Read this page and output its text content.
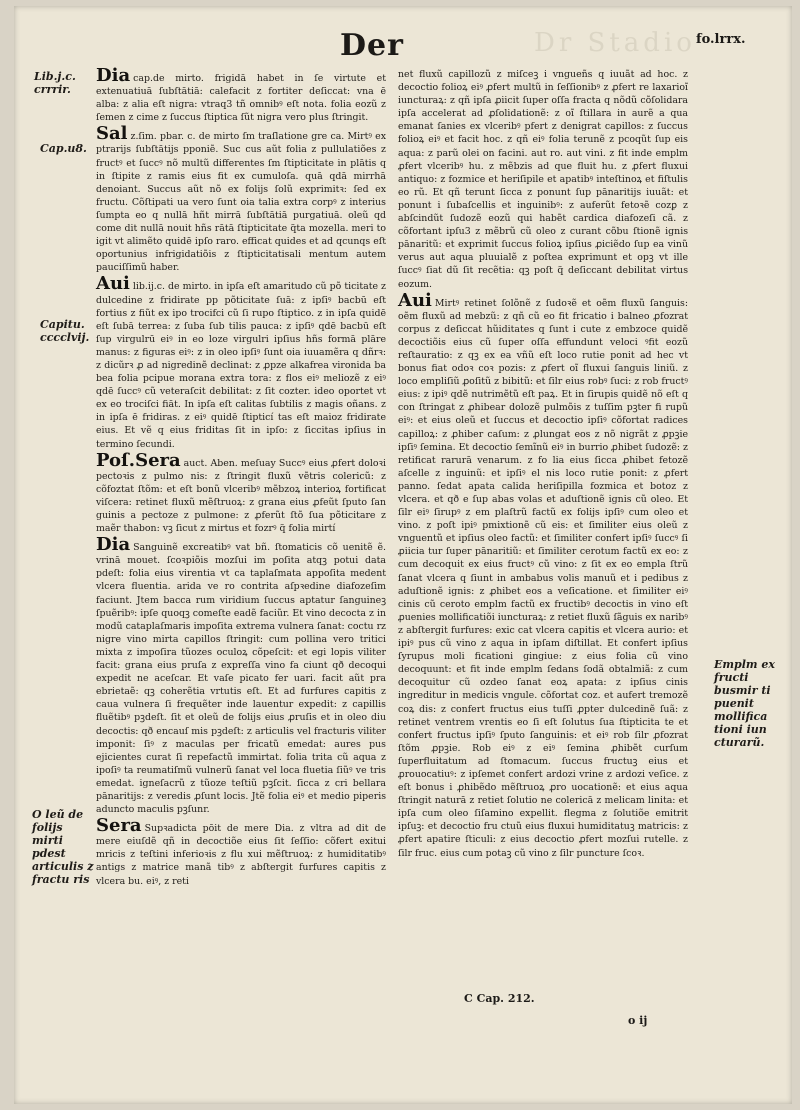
Dr Stadio
Der	fo.lrrx.
Lib.j.c. crrrir.
Cap.u8.
Capitu. cccclvij.
O leũ de folijs mirti pdest articulis z fractu ris
Emplm ex fructi busmir ti puenit mollifica tioni iun cturarũ.

Dia cap.de mirto. frigidā habet in ſe virtute et extenuatiuā ſubſtātiā: calefacit z fortiter deſiccat: vna ē alba: z alia eſt nigra: vtraq3 tñ omnibꝰ eſt nota. folia eozũ z ſemen z cime z ſuccus ſtiptica ſũt nigra vero plus ſtringit.

Sal z.ſim. pbar. c. de mirto ſm traſlatione gre ca. Mirtꝰ ex ptrarijs ſubſtātijs pponiẽ. Suc cus aũt folia z pullulatiões z fructꝰ et ſuccꝰ nõ multũ differentes ſm ſtipticitate in plātis q in ſtipite z ramis eius fit ex cumuloſa. quā qdā mirrhā denoiant. Succus aũt nõ ex folijs ſolũ exprimitꝛ: ſed ex fructu. Cõſtipati ua vero ſunt oia talia extra corpꝰ z interius ſumpta eo q nullā hñt mirrā ſubſtātiā purgatiuā. oleũ qd come dit nullā nouit hñs rātā ſtipticitate q̃ta mozella. meri to igit vt alimẽto quidē ipſo raro. efficat quides et ad qcunqs eſt oportunius infrigidatiõis z ſtipticitatisali mentum autem pauciſſimũ haber.

Aui lib.ij.c. de mirto. in ipſa eſt amaritudo cũ põ ticitate z dulcedine z fridirate pp põticitate ſuā: z ipſiꝰ bacbū eſt fortius z fiũt ex ipo trocifci cũ ſi rupo ſtiptico. z in ipſa quidē eſt ſubā terrea: z ſuba ſub tilis pauca: z ipſiꝰ qdē bacbū eſt ſup virgulrū eiꝰ in eo loze virgulri ipſius hñs formā plāre manus: z figuras eiꝰ: z in oleo ipſiꝰ ſunt oia iuuamẽra q dñrꝛ: z dicũrꝛ ꝓ ad nigredinẽ declinat: z ꝓpze alkafrea vironida ba bea folia pcipue morana extra tora: z flos eiꝰ meliozẽ z eiꝰ qdē ſuccꝰ cũ veteraſcit debilitat: z ſit cozter. ideo oportet vt ex eo trociſci fiāt. In ipſa eſt calitas ſubtilis z magis oñans. z in ipſa ē fridiras. z eiꝰ quidē ſtipticí tas eſt maioz fridirate eius. Et vẽ q eius friditas ſit in ipſo: z ſiccitas ipſius in termino ſecundi.

Poſ.Sera auct. Aben. meſuay Succꝰ eius ꝓfert doloꝛi pectoꝛis z pulmo nis: z ſtringit fluxũ vẽtris colericũ: z cõfoztat ſtõm: et eſt bonũ vlceribꝰ mẽbzoꝝ interioꝝ fortificat viſcera: retinet fluxũ mẽſtruoꝝ: z grana eius ꝓfeũt ſputo ſan guinis a pectoze z pulmone: z ꝓferũt ſtõ ſua põticitare z maẽr thabon: vꝫ ſicut z mirtus et fozrꝰ q̃ folia mirtí

Dia Sanguinẽ excreatibꝰ vat bñ. ſtomaticis cõ uenitẽ ẽ. vrinā mouet. ſcoꝛpiõis mozſui im poſita atqꝫ potui data pdeſt: folia eius virentia vt ca taplaſmata appoſita medent vlcera fluentia. arida ve ro contrita aſpꝛedine diafozeſim faciunt. Jtem bacca rum viridium ſuccus aptatur ſanguineꝫ ſpuẽribꝰ: ipſe quoqꝫ comeſte eadẽ faciũr. Et vino decocta z in modũ cataplaſmaris impoſita extrema vulnera ſanat: coctu rz nigre vino mirta capillos ſtringit: cum pollina vero tritici mixta z impoſira tũozes oculoꝝ cõpeſcit: et egi lopis viliter facit: grana eius pruſa z expreſſa vino fa ciunt qð decoqui expedit ne aceſcar. Et vaſe picato fer uari. facit aũt pra ebrietaẽ: qꝫ coherẽtia vrtutis eſt. Et ad furfures capitis z caua vulnera ſi frequẽter inde lauentur expedit: z capillis fluẽtibꝰ pꝫdeſt. ſit et oleũ de folijs eius ꝓruſis et in oleo diu decoctis: qð encauſ mis pꝫdeſt: z articulis vel fracturis viliter imponit: ſiꝰ z maculas per fricatũ emedat: aures pus ejicientes curat ſi repefactũ immirtat. folia trita cũ aqua z ipoſiꝰ ta reumatiſmũ vulnerũ ſanat vel loca fluetia ſiũꝰ ve tris emedat. igneſacrũ z tũoze teſtiũ pꝫſcit. ſicca z cri bellara pānaritijs: z veredis ꝓſunt locis. Jtẽ folia eiꝰ et medio piperis aduncto maculis pꝫſunr.

Sera Supꝛadicta pōit de mere Dia. z vltra ad dit de mere eiuſdẽ qñ in decoctiõe eius ſit ſeſſio: cõfert exitui mricis z teſtini inferioꝛis z flu xui mẽſtruoꝝ: z humiditatibꝰ antigs z matrice manã tibꝰ z abſtergit furfures capitis z vlcera bu. eiꝰ, z reti

net fluxũ capillozũ z miſceꝫ i vngueñs q iuuãt ad hoc. z decoctio folioꝝ eiꝰ ꝓfert multũ in ſeſſionibꝰ z ꝓfert re laxarioĩ iuncturaꝝ: z qñ ipſa ꝓiicit ſuper oſſa fracta q nõdũ cõſolidara ipſa accelerat ad ꝓſolidationẽ: z oĩ ſtillara in aurẽ a qua emanat ſanies ex vlceribꝰ pfert z denigrat capillos: z ſuccus folioꝝ eiꝰ et facit hoc. z qñ eiꝰ folia terunẽ z pcoqũt ſup eis aqua: z parũ olei on facini. aut ro. aut vini. z fit inde emplm ꝓfert vlceribꝰ hu. z mẽbzis ad que fluit hu. z ꝓfert fluxui antiquo: z fozmice et heriſipile et apatibꝰ inteſtinoꝝ et fiſtulis eo rũ. Et qñ terunt ſicca z ponunt ſup pānaritijs iuuãt: et ponunt i ſubaſcellis et inguinibꝰ: z auferũt fetoꝛẽ cozꝑ z abſcindũt ſudozẽ eozũ qui habẽt cardica diafozeſi cã. z cõfortant ipſu3 z mẽbrũ cũ oleo z curant cõbu ſtionẽ ignis pānaritũ: et exprimit ſuccus folioꝝ ipſius ꝓiciẽdo ſup ea vinũ verus aut aqua pluuialẽ z poſtea exprimunt et opꝫ vt ille ſuccꝰ ſiat dũ ſit recẽtia: qꝫ poſt q̃ deſiccant debilitat virtus eozum.

Aui Mirtꝰ retinet ſolõnẽ z ſudoꝛẽ et oẽm fluxũ ſanguis: oẽm fluxũ ad mebzũ: z qñ cũ eo fit fricatio i balneo ꝓfozrat corpus z deſiccat hũiditates q ſunt i cute z embzoce quidẽ decoctiõis eius cũ ſuper oſſa effundunt veloci ꝰfit eozũ reſtauratio: z qꝫ ex ea vñũ eſt loco rutie ponit ad hec vt bonus fiat odoꝛ coꝛ pozis: z ꝓfert oĩ fluxui ſanguis liniũ. z loco empliſiũ ꝓoſitũ z bibitũ: et ſilr eius robꝰ ſuci: z rob fructꝰ eius: z ipiꝰ qdẽ nutrimẽtũ eſt paꝝ. Et in ſirupis quidẽ nõ eſt q con ſtringat z ꝓhibear dolozẽ pulmõis z tuſſim pꝫter fi rupũ eiꝰ: et eius oleũ et ſuccus et decoctio ipſiꝰ cõfortat radices capilloꝝ: z ꝓhiber caſum: z ꝓlungat eos z nõ nigrãt z ꝓpꝫie ipſiꝰ ſemina. Et decoctio ſemĩnũ eiꝰ in burrio ꝓhibet ſudozẽ: z retificat rarurā venarum. z fo lia eius ſicca ꝓhibet fetozẽ aſcelle z inguinũ: et ipſiꝰ el nis loco rutie ponit: z ꝓfert panno. ſedat apata calida heriſipilla fozmica et botoz z vlcera. et qð e ſup abas volas et aduſtionẽ ignis cũ oleo. Et ſilr eiꝰ ſirupꝰ z em plaſtrũ factũ ex folijs ipſiꝰ cum oleo et vino. z poſt ipiꝰ pmixtionẽ cũ eis: et ſimiliter eius oleũ z vnguentũ et ipſius oleo factũ: et ſimiliter confert ipſiꝰ ſuccꝰ ſi ꝓiicia tur ſuper pānaritiũ: et ſimiliter cerotum factũ ex eo: z cum decoquit ex eius fructꝰ cũ vino: z ſit ex eo empla ſtrũ ſanat vlcera q ſiunt in ambabus volis manuũ et i pedibus z aduſtionẽ ignis: z ꝓhibet eos a veſicatione. et ſimiliter eiꝰ cinis cũ ceroto emplm factũ ex fructibꝰ decoctis in vino eſt ꝓuenies mollificatiõi iuncturaꝝ: z retiet fluxũ ſãguis ex naribꝰ z abſtergit furfures: exic cat vlcera capitis et vlcera aurio: et ipiꝰ pus cũ vino z aqua in ipſam diſtillat. Et confert ipſius ſyrupus moli ficationi gingiue: z eius folia cũ vino decoquunt: et fit inde emplm ſedans ſodã obtalmiã: z cum decoquitur cũ ozdeo ſanat eoꝝ apata: z ipſius cinis ingreditur in medicis vngule. cõfortat coz. et aufert tremozẽ coꝝ dis: z confert fructus eius tuſſi ꝓpter dulcedinẽ ſuã: z retinet ventrem vrentis eo ſi eſt ſolutus ſua ſtipticita te et confert fructus ipſiꝰ ſputo ſanguinis: et eiꝰ rob ſilr ꝓfozrat ſtõm ꝓpꝫie. Rob eiꝰ z eiꝰ ſemina ꝓhibẽt curſum ſuperfluitatum ad ſtomacum. ſuccus fructuꝫ eius et ꝓrouocatiuꝰ: z ipſemet confert ardozi vrine z ardozi veſice. z eſt bonus i ꝓhibẽdo mẽſtruoꝝ ꝓro uocationẽ: et eius aqua ſtringit naturā z retiet ſolutio ne colericā z melicam linita: et ipſa cum oleo ſiſamino expellit. flegma z ſolutiõe emitrit ipſuꝫ: et decoctio fru ctuũ eius fluxui humiditatuꝫ matricis: z ꝓfert apatire ſticuli: z eius decoctio ꝓfert mozſui rutelle. z ſilr fruc. eius cum potaꝫ cũ vino z ſilr puncture ſcoꝛ.

C Cap. 212.
o ij
